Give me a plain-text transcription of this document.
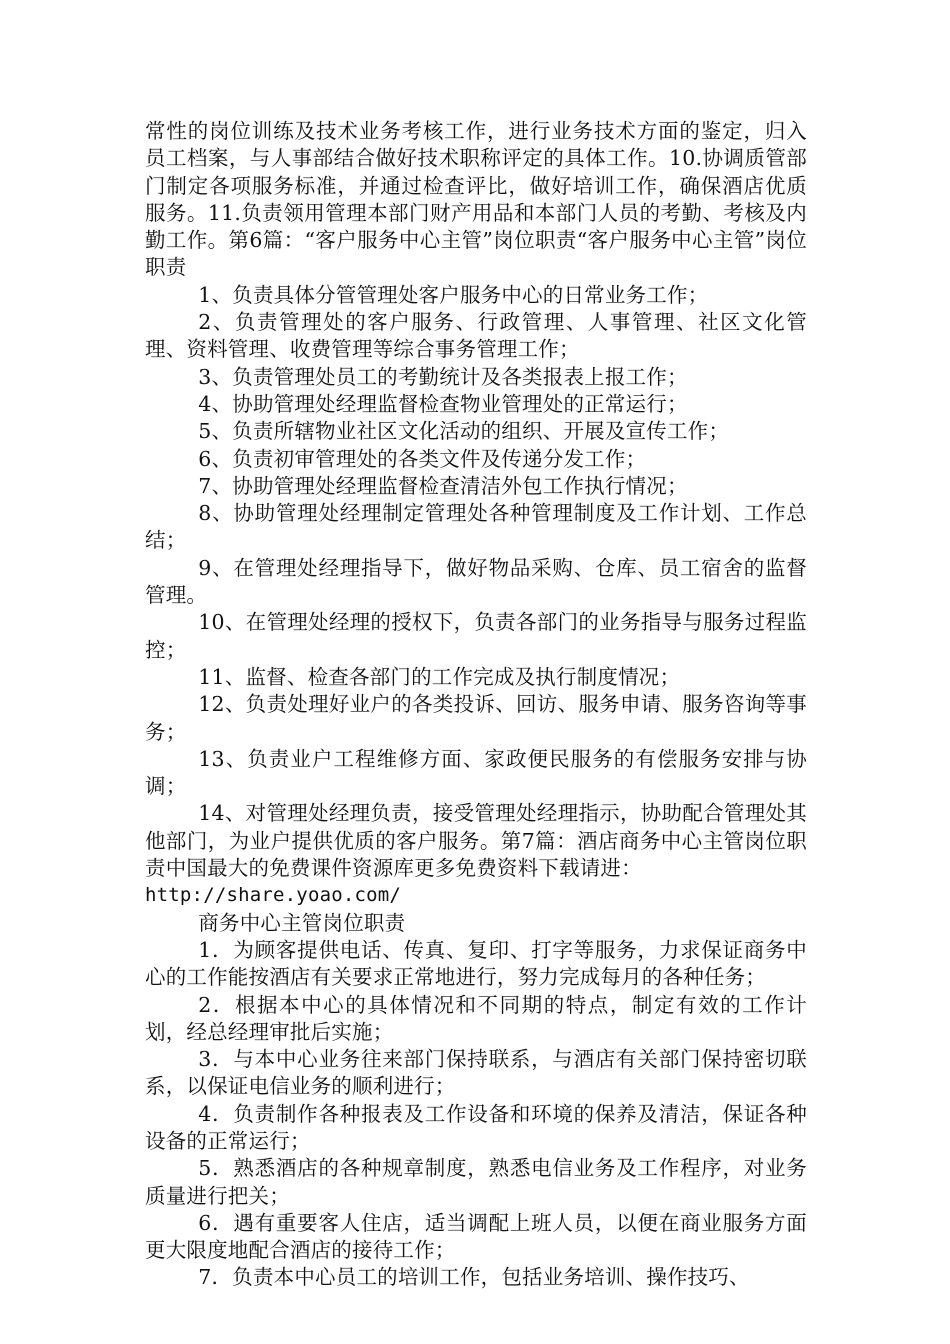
常性的岗位训练及技术业务考核工作，进行业务技术方面的鉴定，归入员工档案，与人事部结合做好技术职称评定的具体工作。10.协调质管部门制定各项服务标准，并通过检查评比，做好培训工作，确保酒店优质服务。11.负责领用管理本部门财产用品和本部门人员的考勤、考核及内勤工作。第6篇：“客户服务中心主管”岗位职责“客户服务中心主管”岗位职责

1、负责具体分管管理处客户服务中心的日常业务工作；

2、负责管理处的客户服务、行政管理、人事管理、社区文化管理、资料管理、收费管理等综合事务管理工作；

3、负责管理处员工的考勤统计及各类报表上报工作；

4、协助管理处经理监督检查物业管理处的正常运行；

5、负责所辖物业社区文化活动的组织、开展及宣传工作；

6、负责初审管理处的各类文件及传递分发工作；

7、协助管理处经理监督检查清洁外包工作执行情况；

8、协助管理处经理制定管理处各种管理制度及工作计划、工作总结；

9、在管理处经理指导下，做好物品采购、仓库、员工宿舍的监督管理。

10、在管理处经理的授权下，负责各部门的业务指导与服务过程监控；

11、监督、检查各部门的工作完成及执行制度情况；

12、负责处理好业户的各类投诉、回访、服务申请、服务咨询等事务；

13、负责业户工程维修方面、家政便民服务的有偿服务安排与协调；

14、对管理处经理负责，接受管理处经理指示，协助配合管理处其他部门，为业户提供优质的客户服务。第7篇：酒店商务中心主管岗位职责中国最大的免费课件资源库更多免费资料下载请进：

http://share.yoao.com/

商务中心主管岗位职责

1．为顾客提供电话、传真、复印、打字等服务，力求保证商务中心的工作能按酒店有关要求正常地进行，努力完成每月的各种任务；

2．根据本中心的具体情况和不同期的特点，制定有效的工作计划，经总经理审批后实施；

3．与本中心业务往来部门保持联系，与酒店有关部门保持密切联系，以保证电信业务的顺利进行；

4．负责制作各种报表及工作设备和环境的保养及清洁，保证各种设备的正常运行；

5．熟悉酒店的各种规章制度，熟悉电信业务及工作程序，对业务质量进行把关；

6．遇有重要客人住店，适当调配上班人员，以便在商业服务方面更大限度地配合酒店的接待工作；

7．负责本中心员工的培训工作，包括业务培训、操作技巧、
